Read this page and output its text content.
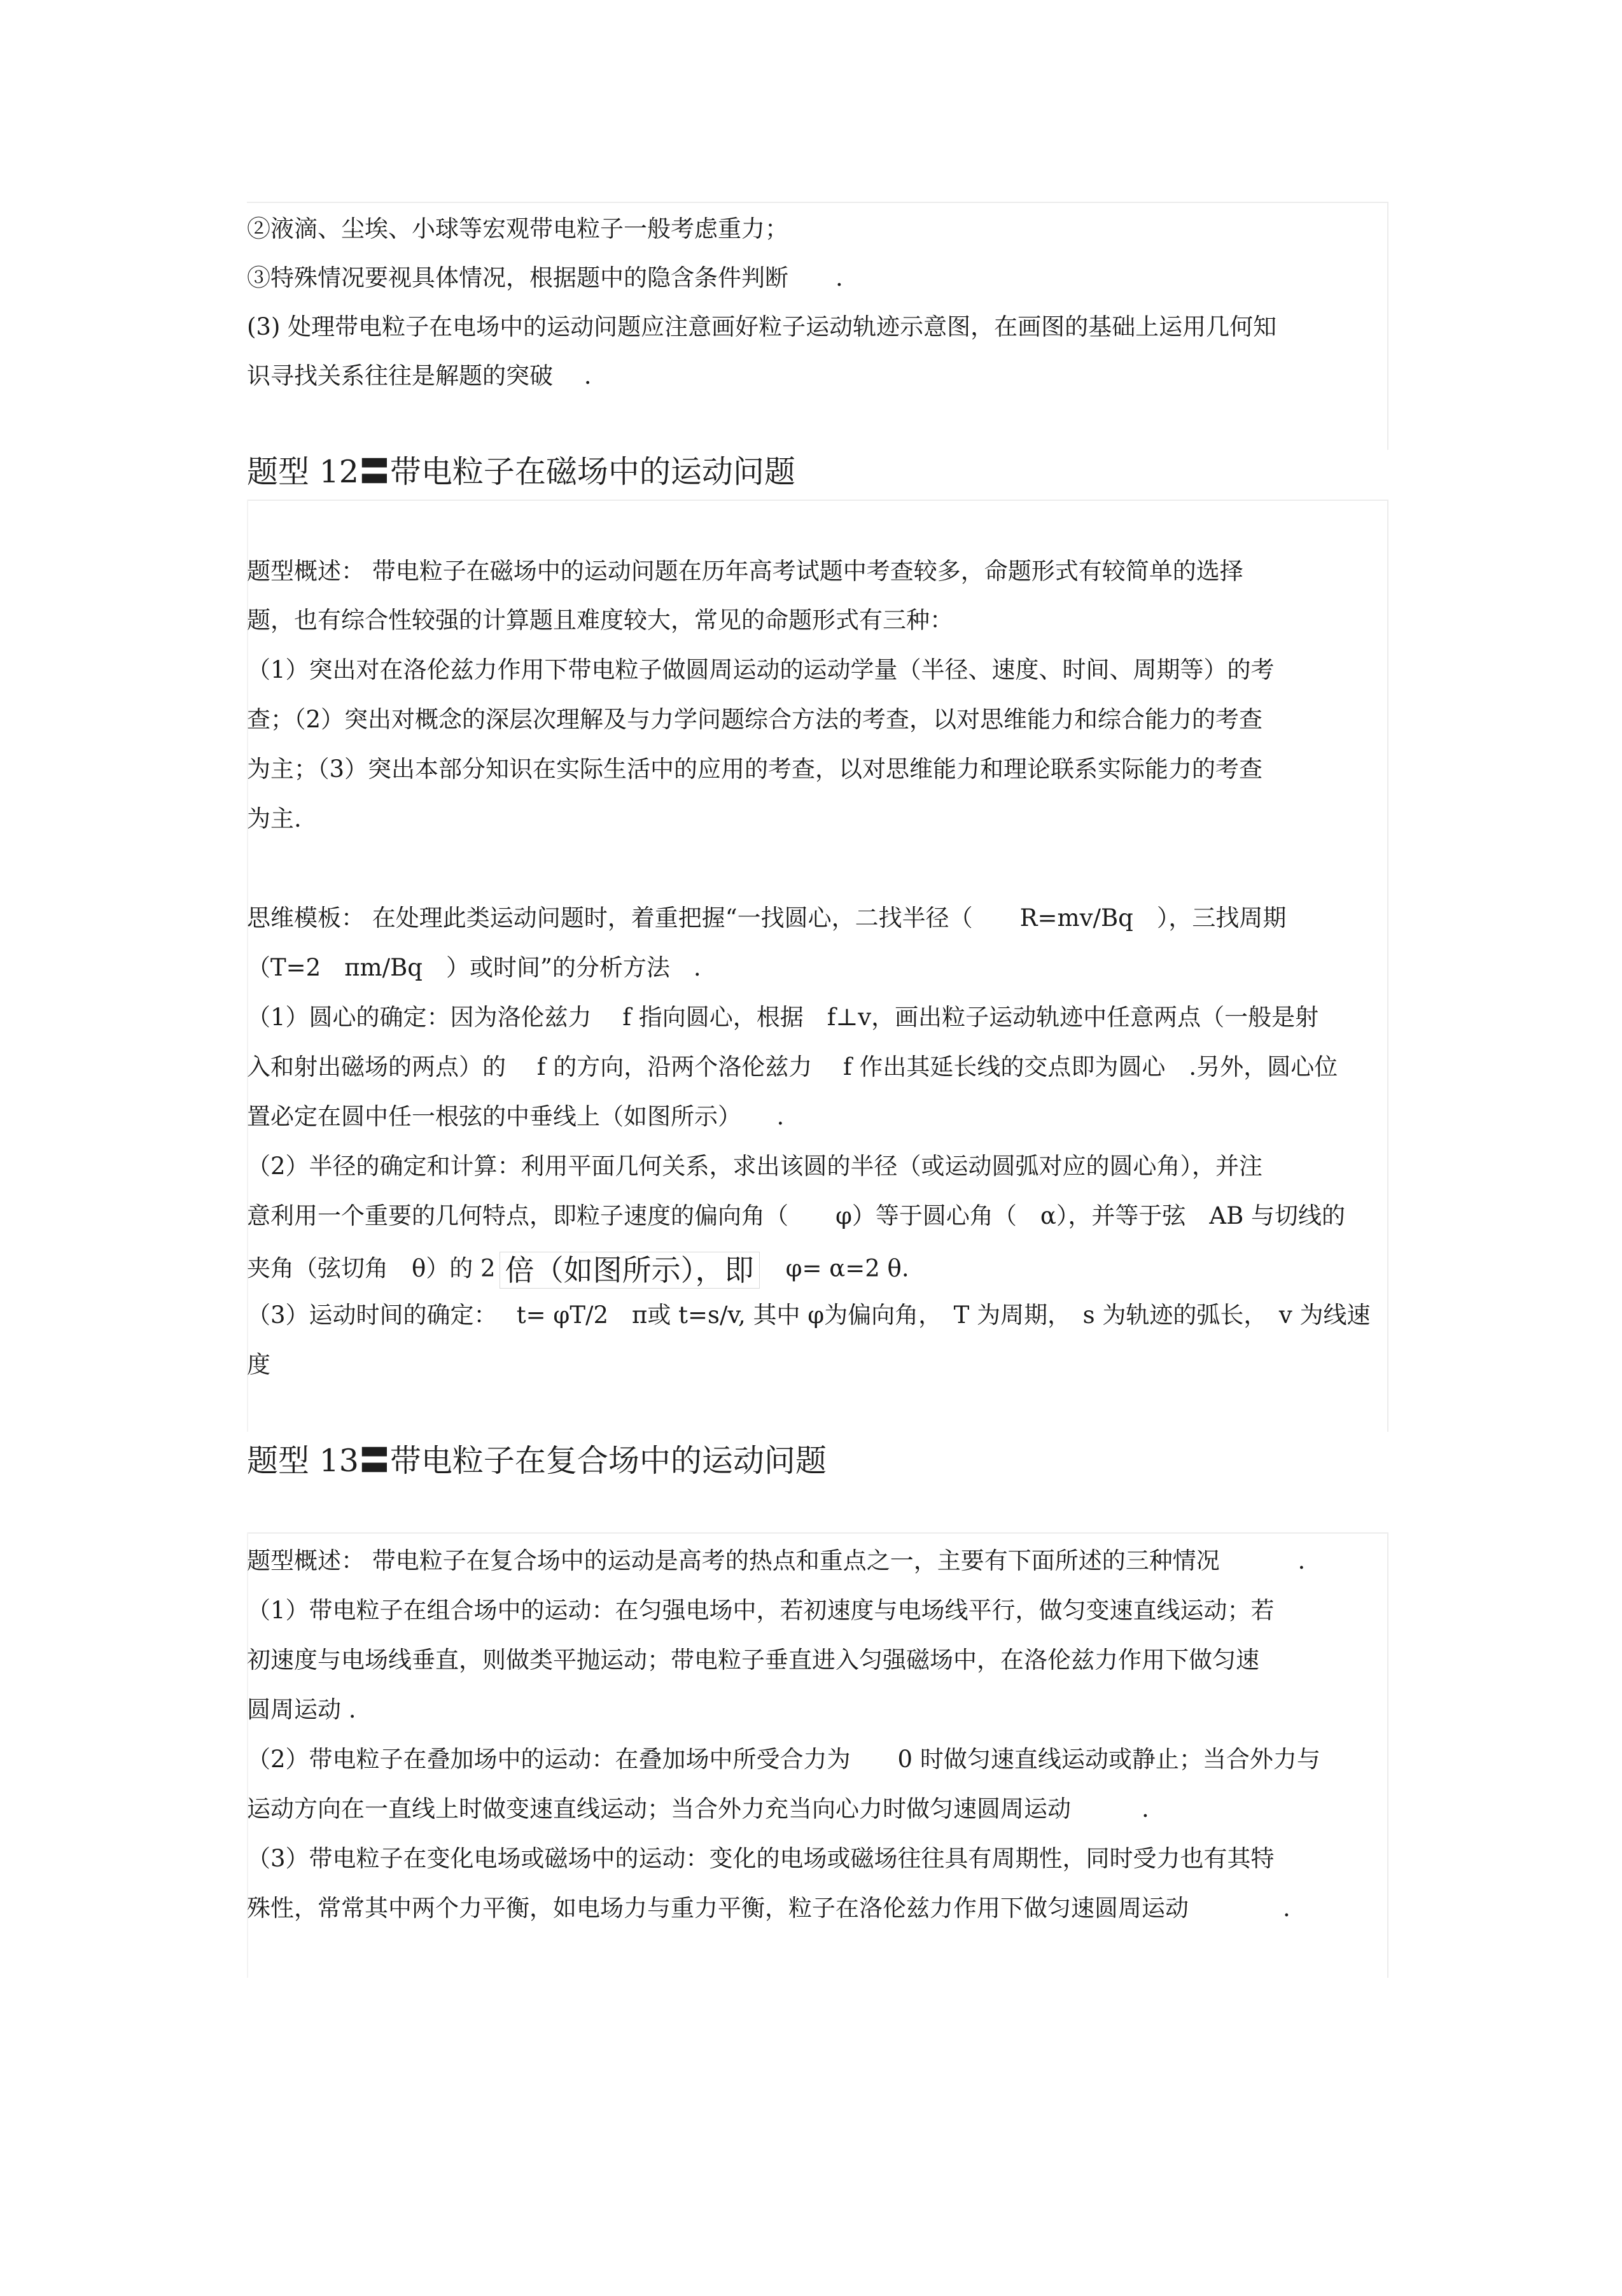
②液滴、尘埃、小球等宏观带电粒子一般考虑重力；
③特殊情况要视具体情况，根据题中的隐含条件判断　　.
(3) 处理带电粒子在电场中的运动问题应注意画好粒子运动轨迹示意图，在画图的基础上运用几何知
识寻找关系往往是解题的突破　 .
题型 12〓带电粒子在磁场中的运动问题
题型概述： 带电粒子在磁场中的运动问题在历年高考试题中考查较多，命题形式有较简单的选择
题，也有综合性较强的计算题且难度较大，常见的命题形式有三种：
（1）突出对在洛伦兹力作用下带电粒子做圆周运动的运动学量（半径、速度、时间、周期等）的考
查；（2）突出对概念的深层次理解及与力学问题综合方法的考查，以对思维能力和综合能力的考查
为主；（3）突出本部分知识在实际生活中的应用的考查，以对思维能力和理论联系实际能力的考查
为主.
思维模板： 在处理此类运动问题时，着重把握“一找圆心，二找半径（　　R=mv/Bq　），三找周期
（T=2　πm/Bq　）或时间”的分析方法　.
（1）圆心的确定：因为洛伦兹力　 f 指向圆心，根据　f⊥v，画出粒子运动轨迹中任意两点（一般是射
入和射出磁场的两点）的　 f 的方向，沿两个洛伦兹力　 f 作出其延长线的交点即为圆心　.另外，圆心位
置必定在圆中任一根弦的中垂线上（如图所示）　　.
（2）半径的确定和计算：利用平面几何关系，求出该圆的半径（或运动圆弧对应的圆心角），并注
意利用一个重要的几何特点，即粒子速度的偏向角（　　φ）等于圆心角（　α），并等于弦　AB 与切线的
夹角（弦切角　θ）的 2 倍（如图所示），即　φ= α=2 θ.
（3）运动时间的确定：　 t= φT/2　π或 t=s/v, 其中 φ为偏向角，　T 为周期，　s 为轨迹的弧长，　v 为线速
度
题型 13〓带电粒子在复合场中的运动问题
题型概述： 带电粒子在复合场中的运动是高考的热点和重点之一，主要有下面所述的三种情况　　　 .
（1）带电粒子在组合场中的运动：在匀强电场中，若初速度与电场线平行，做匀变速直线运动；若
初速度与电场线垂直，则做类平抛运动；带电粒子垂直进入匀强磁场中，在洛伦兹力作用下做匀速
圆周运动 .
（2）带电粒子在叠加场中的运动：在叠加场中所受合力为　　0 时做匀速直线运动或静止；当合外力与
运动方向在一直线上时做变速直线运动；当合外力充当向心力时做匀速圆周运动　　　.
（3）带电粒子在变化电场或磁场中的运动：变化的电场或磁场往往具有周期性，同时受力也有其特
殊性，常常其中两个力平衡，如电场力与重力平衡，粒子在洛伦兹力作用下做匀速圆周运动　　　　.
